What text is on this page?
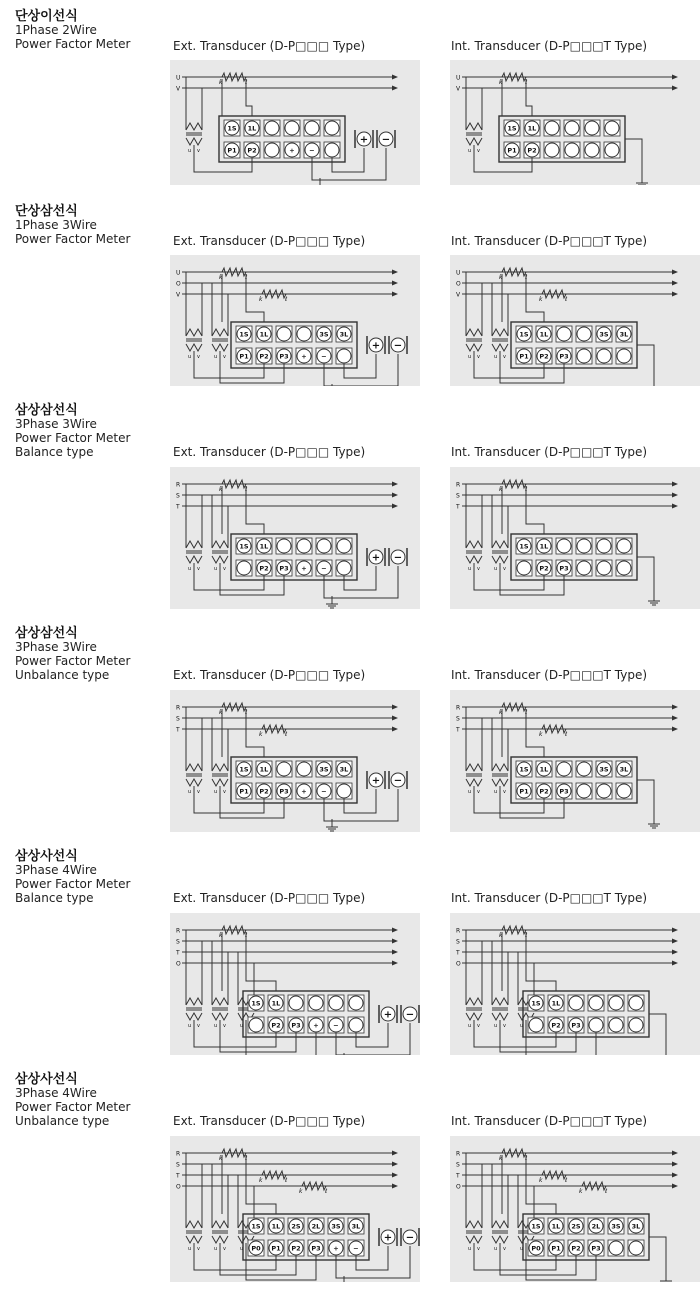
단상이선식
1Phase 2Wire
Power Factor Meter	Ext. Transducer (D-P□□□ Type)	Int. Transducer (D-P□□□T Type)
U
V
k	ℓ
u v
1S
P1
1L
P2	+ −
+ −
U
V
k	ℓ
u v
1S
P1
1L
P2
단상삼선식
1Phase 3Wire
Power Factor Meter	Ext. Transducer (D-P□□□ Type)	Int. Transducer (D-P□□□T Type)
U
O
V
k	ℓ
k	ℓ
u v	u v
1S
P1
1L
P2 P3 +
3S
−
3L
+ −
U
O
V
k	ℓ
k	ℓ
u v	u v
1S
P1
1L
P2 P3
3S 3L
삼상삼선식
3Phase 3Wire
Power Factor Meter
Balance type	Ext. Transducer (D-P□□□ Type)	Int. Transducer (D-P□□□T Type)
R
S
T
k	ℓ
u v	u v
1S 1L
P2 P3 + −
+ −
R
S
T
k	ℓ
u v	u v
1S 1L
P2 P3
삼상삼선식
3Phase 3Wire
Power Factor Meter
Unbalance type	Ext. Transducer (D-P□□□ Type)	Int. Transducer (D-P□□□T Type)
R
S
T
k	ℓ
k	ℓ
u v	u v
1S
P1
1L
P2 P3 +
3S
−
3L
+ −
R
S
T
k	ℓ
k	ℓ
u v	u v
1S
P1
1L
P2 P3
3S 3L
삼상사선식
3Phase 4Wire
Power Factor Meter
Balance type	Ext. Transducer (D-P□□□ Type)	Int. Transducer (D-P□□□T Type)
R
S
T
O
k	ℓ
u v	u v	u
1S 1L
P2 P3 + −
+ −
R
S
T
O
k	ℓ
u v	u v	u
1S 1L
P2 P3
삼상사선식
3Phase 4Wire
Power Factor Meter
Unbalance type	Ext. Transducer (D-P□□□ Type)	Int. Transducer (D-P□□□T Type)
R
S
T
O
k	ℓ
k	ℓ
k	ℓ
u v	u v	u
1S
P0
1L
P1
2S
P2
2L
P3
3S
+
3L
−
+ −
R
S
T
O
k	ℓ
k	ℓ
k	ℓ
u v	u v	u
1S
P0
1L
P1
2S
P2
2L
P3
3S 3L
